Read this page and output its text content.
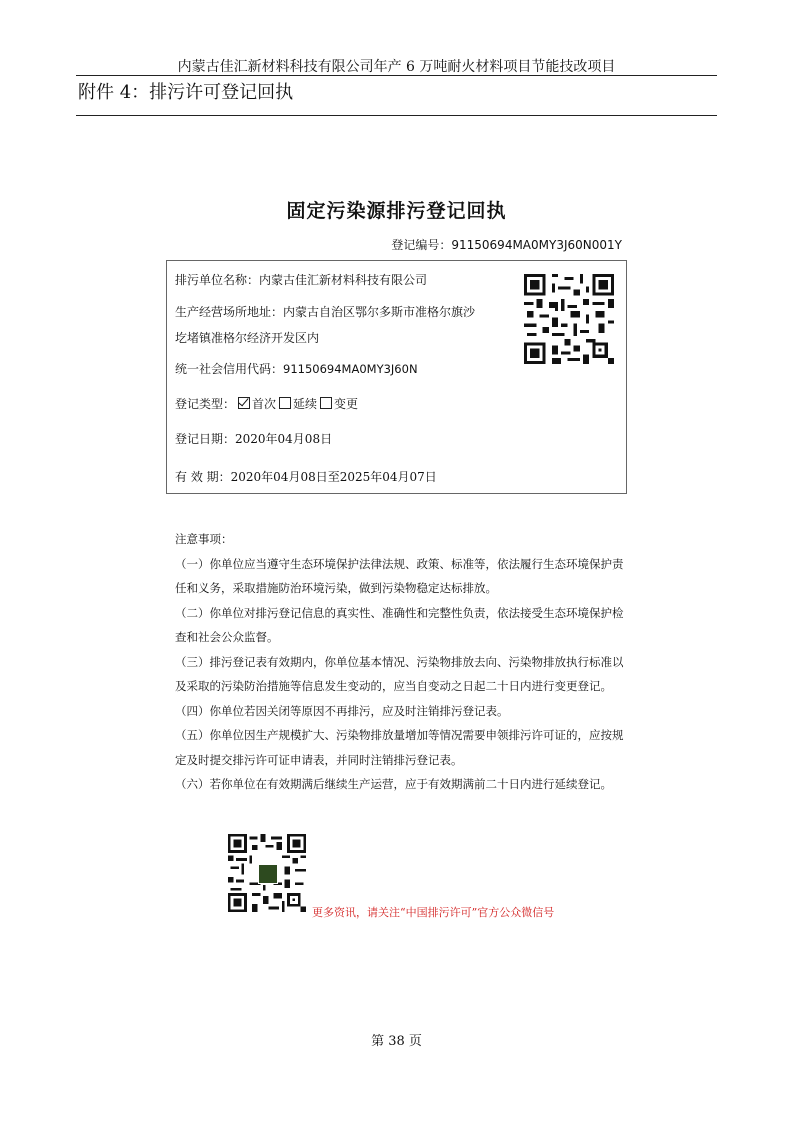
内蒙古佳汇新材料科技有限公司年产 6 万吨耐火材料项目节能技改项目
附件 4：排污许可登记回执
固定污染源排污登记回执
登记编号：91150694MA0MY3J60N001Y
排污单位名称：内蒙古佳汇新材料科技有限公司
生产经营场所地址：内蒙古自治区鄂尔多斯市准格尔旗沙
圪堵镇准格尔经济开发区内
统一社会信用代码：91150694MA0MY3J60N
登记类型： 首次 延续 变更
登记日期：2020年04月08日
有 效 期：2020年04月08日至2025年04月07日
注意事项：
（一）你单位应当遵守生态环境保护法律法规、政策、标准等，依法履行生态环境保护责
任和义务，采取措施防治环境污染，做到污染物稳定达标排放。
（二）你单位对排污登记信息的真实性、准确性和完整性负责，依法接受生态环境保护检
查和社会公众监督。
（三）排污登记表有效期内，你单位基本情况、污染物排放去向、污染物排放执行标准以
及采取的污染防治措施等信息发生变动的，应当自变动之日起二十日内进行变更登记。
（四）你单位若因关闭等原因不再排污，应及时注销排污登记表。
（五）你单位因生产规模扩大、污染物排放量增加等情况需要申领排污许可证的，应按规
定及时提交排污许可证申请表，并同时注销排污登记表。
（六）若你单位在有效期满后继续生产运营，应于有效期满前二十日内进行延续登记。
更多资讯，请关注“中国排污许可”官方公众微信号
第 38 页
